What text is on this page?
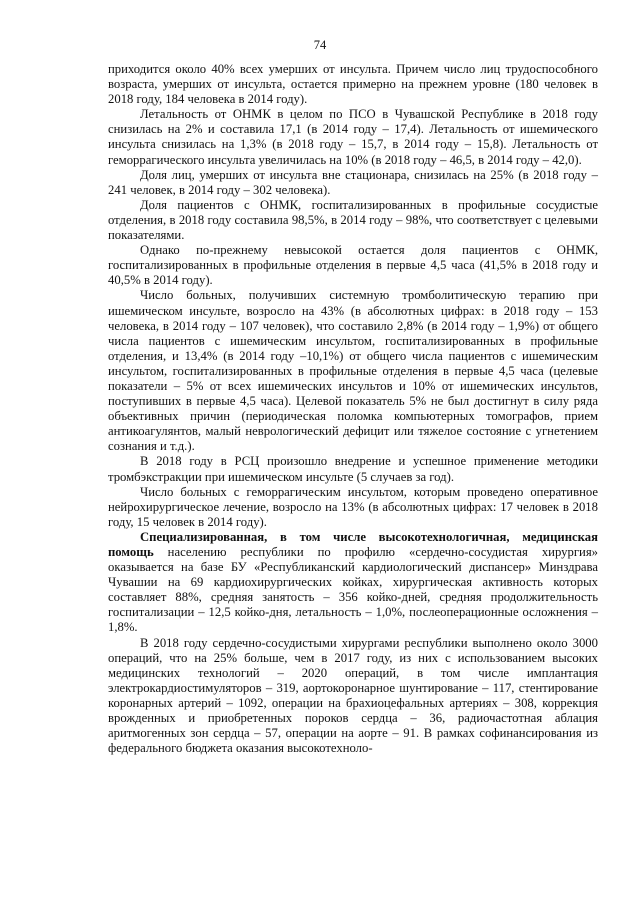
74

приходится около 40% всех умерших от инсульта. Причем число лиц трудоспособного возраста, умерших от инсульта, остается примерно на прежнем уровне (180 человек в 2018 году, 184 человека в 2014 году).

Летальность от ОНМК в целом по ПСО в Чувашской Республике в 2018 году снизилась на 2% и составила 17,1 (в 2014 году – 17,4). Летальность от ишемического инсульта снизилась на 1,3% (в 2018 году – 15,7, в 2014 году – 15,8). Летальность от геморрагического инсульта увеличилась на 10% (в 2018 году – 46,5, в 2014 году – 42,0).

Доля лиц, умерших от инсульта вне стационара, снизилась на 25% (в 2018 году – 241 человек, в 2014 году – 302 человека).

Доля пациентов с ОНМК, госпитализированных в профильные сосудистые отделения, в 2018 году составила 98,5%, в 2014 году – 98%, что соответствует с целевыми показателями.

Однако по-прежнему невысокой остается доля пациентов с ОНМК, госпитализированных в профильные отделения в первые 4,5 часа (41,5% в 2018 году и 40,5% в 2014 году).

Число больных, получивших системную тромболитическую терапию при ишемическом инсульте, возросло на 43% (в абсолютных цифрах: в 2018 году – 153 человека, в 2014 году – 107 человек), что составило 2,8% (в 2014 году – 1,9%) от общего числа пациентов с ишемическим инсультом, госпитализированных в профильные отделения, и 13,4% (в 2014 году –10,1%) от общего числа пациентов с ишемическим инсультом, госпитализированных в профильные отделения в первые 4,5 часа (целевые показатели – 5% от всех ишемических инсультов и 10% от ишемических инсультов, поступивших в первые 4,5 часа). Целевой показатель 5% не был достигнут в силу ряда объективных причин (периодическая поломка компьютерных томографов, прием антикоагулянтов, малый неврологический дефицит или тяжелое состояние с угнетением сознания и т.д.).

В 2018 году в РСЦ произошло внедрение и успешное применение методики тромбэкстракции при ишемическом инсульте (5 случаев за год).

Число больных с геморрагическим инсультом, которым проведено оперативное нейрохирургическое лечение, возросло на 13% (в абсолютных цифрах: 17 человек в 2018 году, 15 человек в 2014 году).

Специализированная, в том числе высокотехнологичная, медицинская помощь населению республики по профилю «сердечно-сосудистая хирургия» оказывается на базе БУ «Республиканский кардиологический диспансер» Минздрава Чувашии на 69 кардиохирургических койках, хирургическая активность которых составляет 88%, средняя занятость – 356 койко-дней, средняя продолжительность госпитализации – 12,5 койко-дня, летальность – 1,0%, послеоперационные осложнения – 1,8%.

В 2018 году сердечно-сосудистыми хирургами республики выполнено около 3000 операций, что на 25% больше, чем в 2017 году, из них с использованием высоких медицинских технологий – 2020 операций, в том числе имплантация электрокардиостимуляторов – 319, аортокоронарное шунтирование – 117, стентирование коронарных артерий – 1092, операции на брахиоцефальных артериях – 308, коррекция врожденных и приобретенных пороков сердца – 36, радиочастотная аблация аритмогенных зон сердца – 57, операции на аорте – 91. В рамках софинансирования из федерального бюджета оказания высокотехноло-
